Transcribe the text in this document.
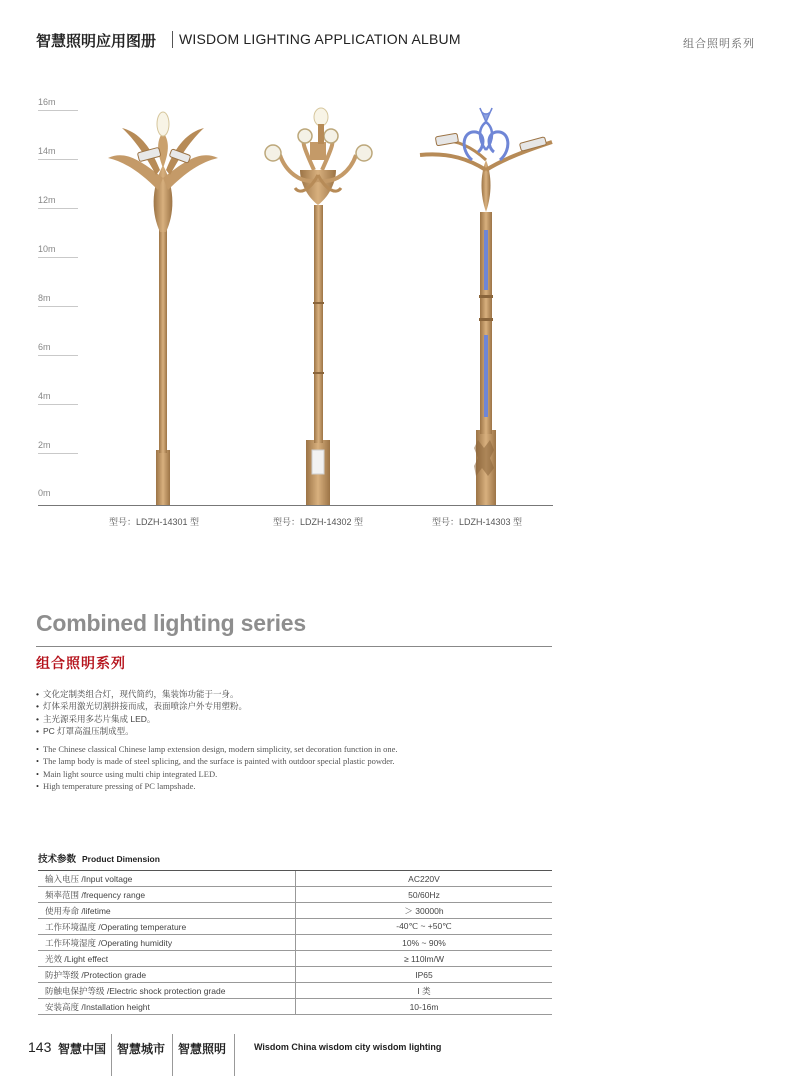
智慧照明应用图册 WISDOM LIGHTING APPLICATION ALBUM	组合照明系列
16m
14m
12m
10m
8m
6m
4m
2m
0m
型号：LDZH-14301 型	型号：LDZH-14302 型	型号：LDZH-14303 型
Combined lighting series
组合照明系列
• 文化定制类组合灯，现代简约，集装饰功能于一身。
• 灯体采用激光切割拼接而成，表面喷涂户外专用塑粉。
• 主光源采用多芯片集成 LED。
• PC 灯罩高温压制成型。
• The Chinese classical Chinese lamp extension design, modern simplicity, set decoration function in one.
• The lamp body is made of steel splicing, and the surface is painted with outdoor special plastic powder.
• Main light source using multi chip integrated LED.
• High temperature pressing of PC lampshade.
技术参数 Product Dimension
输入电压 /Input voltage	AC220V
频率范围 /frequency range	50/60Hz
使用寿命 /lifetime	＞ 30000h
工作环境温度 /Operating temperature	-40℃ ~ +50℃
工作环境湿度 /Operating humidity	10% ~ 90%
光效 /Light effect	≥ 110lm/W
防护等级 /Protection grade	IP65
防触电保护等级 /Electric shock protection grade	I 类
安装高度 /Installation height	10-16m
143 智慧中国 智慧城市 智慧照明	Wisdom China wisdom city wisdom lighting
